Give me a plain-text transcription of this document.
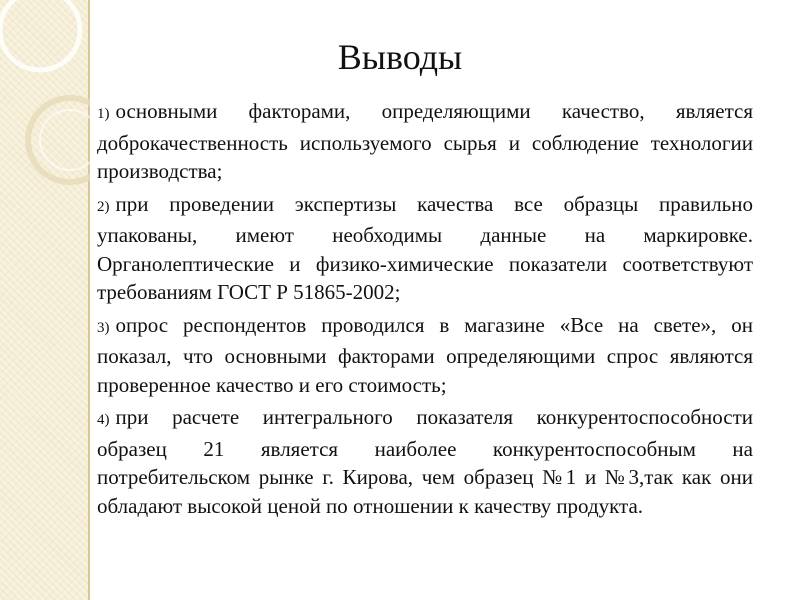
Выводы
1) основными факторами, определяющими качество, является доброкачественность используемого сырья и соблюдение технологии производства;
2) при проведении экспертизы качества все образцы правильно упакованы, имеют необходимы данные на маркировке. Органолептические и физико-химические показатели соответствуют требованиям ГОСТ Р 51865-2002;
3) опрос респондентов проводился в магазине «Все на свете», он показал, что основными факторами определяющими спрос являются проверенное качество и его стоимость;
4) при расчете интегрального показателя конкурентоспособности образец 21 является наиболее конкурентоспособным на потребительском рынке г. Кирова, чем образец №1 и №3,так как они обладают высокой ценой по отношении к качеству продукта.
